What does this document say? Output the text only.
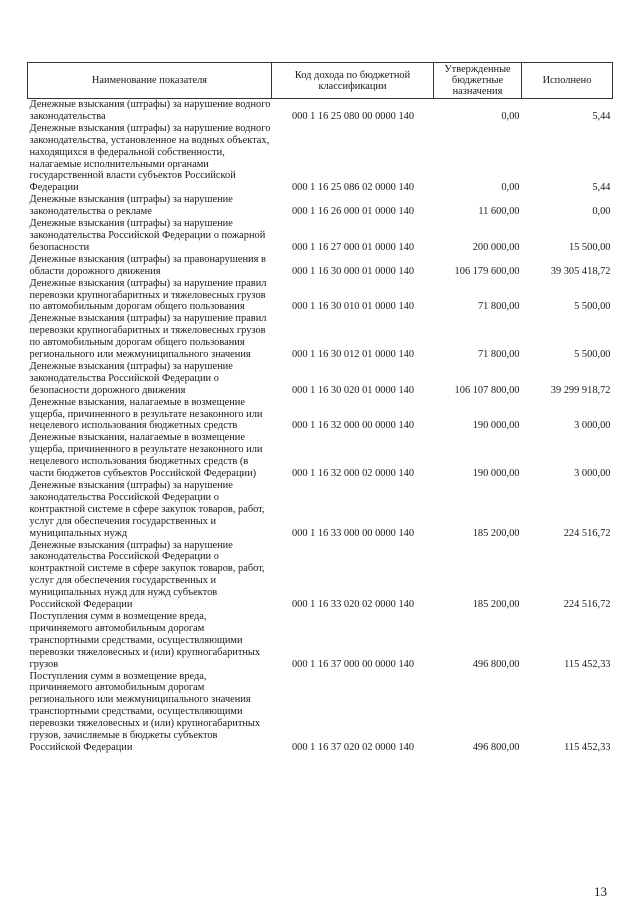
Наименование показателя	Код дохода по бюджетной классификации	Утвержденные бюджетные назначения	Исполнено
Денежные взыскания (штрафы) за нарушение водного законодательства	000 1 16 25 080 00 0000 140	0,00	5,44
Денежные взыскания (штрафы) за нарушение водного законодательства, установленное на водных объектах, находящихся в федеральной собственности, налагаемые исполнительными органами государственной власти субъектов Российской Федерации	000 1 16 25 086 02 0000 140	0,00	5,44
Денежные взыскания (штрафы) за нарушение законодательства о рекламе	000 1 16 26 000 01 0000 140	11 600,00	0,00
Денежные взыскания (штрафы) за нарушение законодательства Российской Федерации о пожарной безопасности	000 1 16 27 000 01 0000 140	200 000,00	15 500,00
Денежные взыскания (штрафы) за правонарушения в области дорожного движения	000 1 16 30 000 01 0000 140	106 179 600,00	39 305 418,72
Денежные взыскания (штрафы) за нарушение правил перевозки крупногабаритных и тяжеловесных грузов по автомобильным дорогам общего пользования	000 1 16 30 010 01 0000 140	71 800,00	5 500,00
Денежные взыскания (штрафы) за нарушение правил перевозки крупногабаритных и тяжеловесных грузов по автомобильным дорогам общего пользования регионального или межмуниципального значения	000 1 16 30 012 01 0000 140	71 800,00	5 500,00
Денежные взыскания (штрафы) за нарушение законодательства Российской Федерации о безопасности дорожного движения	000 1 16 30 020 01 0000 140	106 107 800,00	39 299 918,72
Денежные взыскания, налагаемые в возмещение ущерба, причиненного в результате незаконного или нецелевого использования бюджетных средств	000 1 16 32 000 00 0000 140	190 000,00	3 000,00
Денежные взыскания, налагаемые в возмещение ущерба, причиненного в результате незаконного или нецелевого использования бюджетных средств (в части бюджетов субъектов Российской Федерации)	000 1 16 32 000 02 0000 140	190 000,00	3 000,00
Денежные взыскания (штрафы) за нарушение законодательства Российской Федерации о контрактной системе в сфере закупок товаров, работ, услуг для обеспечения государственных и муниципальных нужд	000 1 16 33 000 00 0000 140	185 200,00	224 516,72
Денежные взыскания (штрафы) за нарушение законодательства Российской Федерации о контрактной системе в сфере закупок товаров, работ, услуг для обеспечения государственных и муниципальных нужд для нужд субъектов Российской Федерации	000 1 16 33 020 02 0000 140	185 200,00	224 516,72
Поступления сумм в возмещение вреда, причиняемого автомобильным дорогам транспортными средствами, осуществляющими перевозки тяжеловесных и (или) крупногабаритных грузов	000 1 16 37 000 00 0000 140	496 800,00	115 452,33
Поступления сумм в возмещение вреда, причиняемого автомобильным дорогам регионального или межмуниципального значения транспортными средствами, осуществляющими перевозки тяжеловесных и (или) крупногабаритных грузов, зачисляемые в бюджеты субъектов Российской Федерации	000 1 16 37 020 02 0000 140	496 800,00	115 452,33
13
